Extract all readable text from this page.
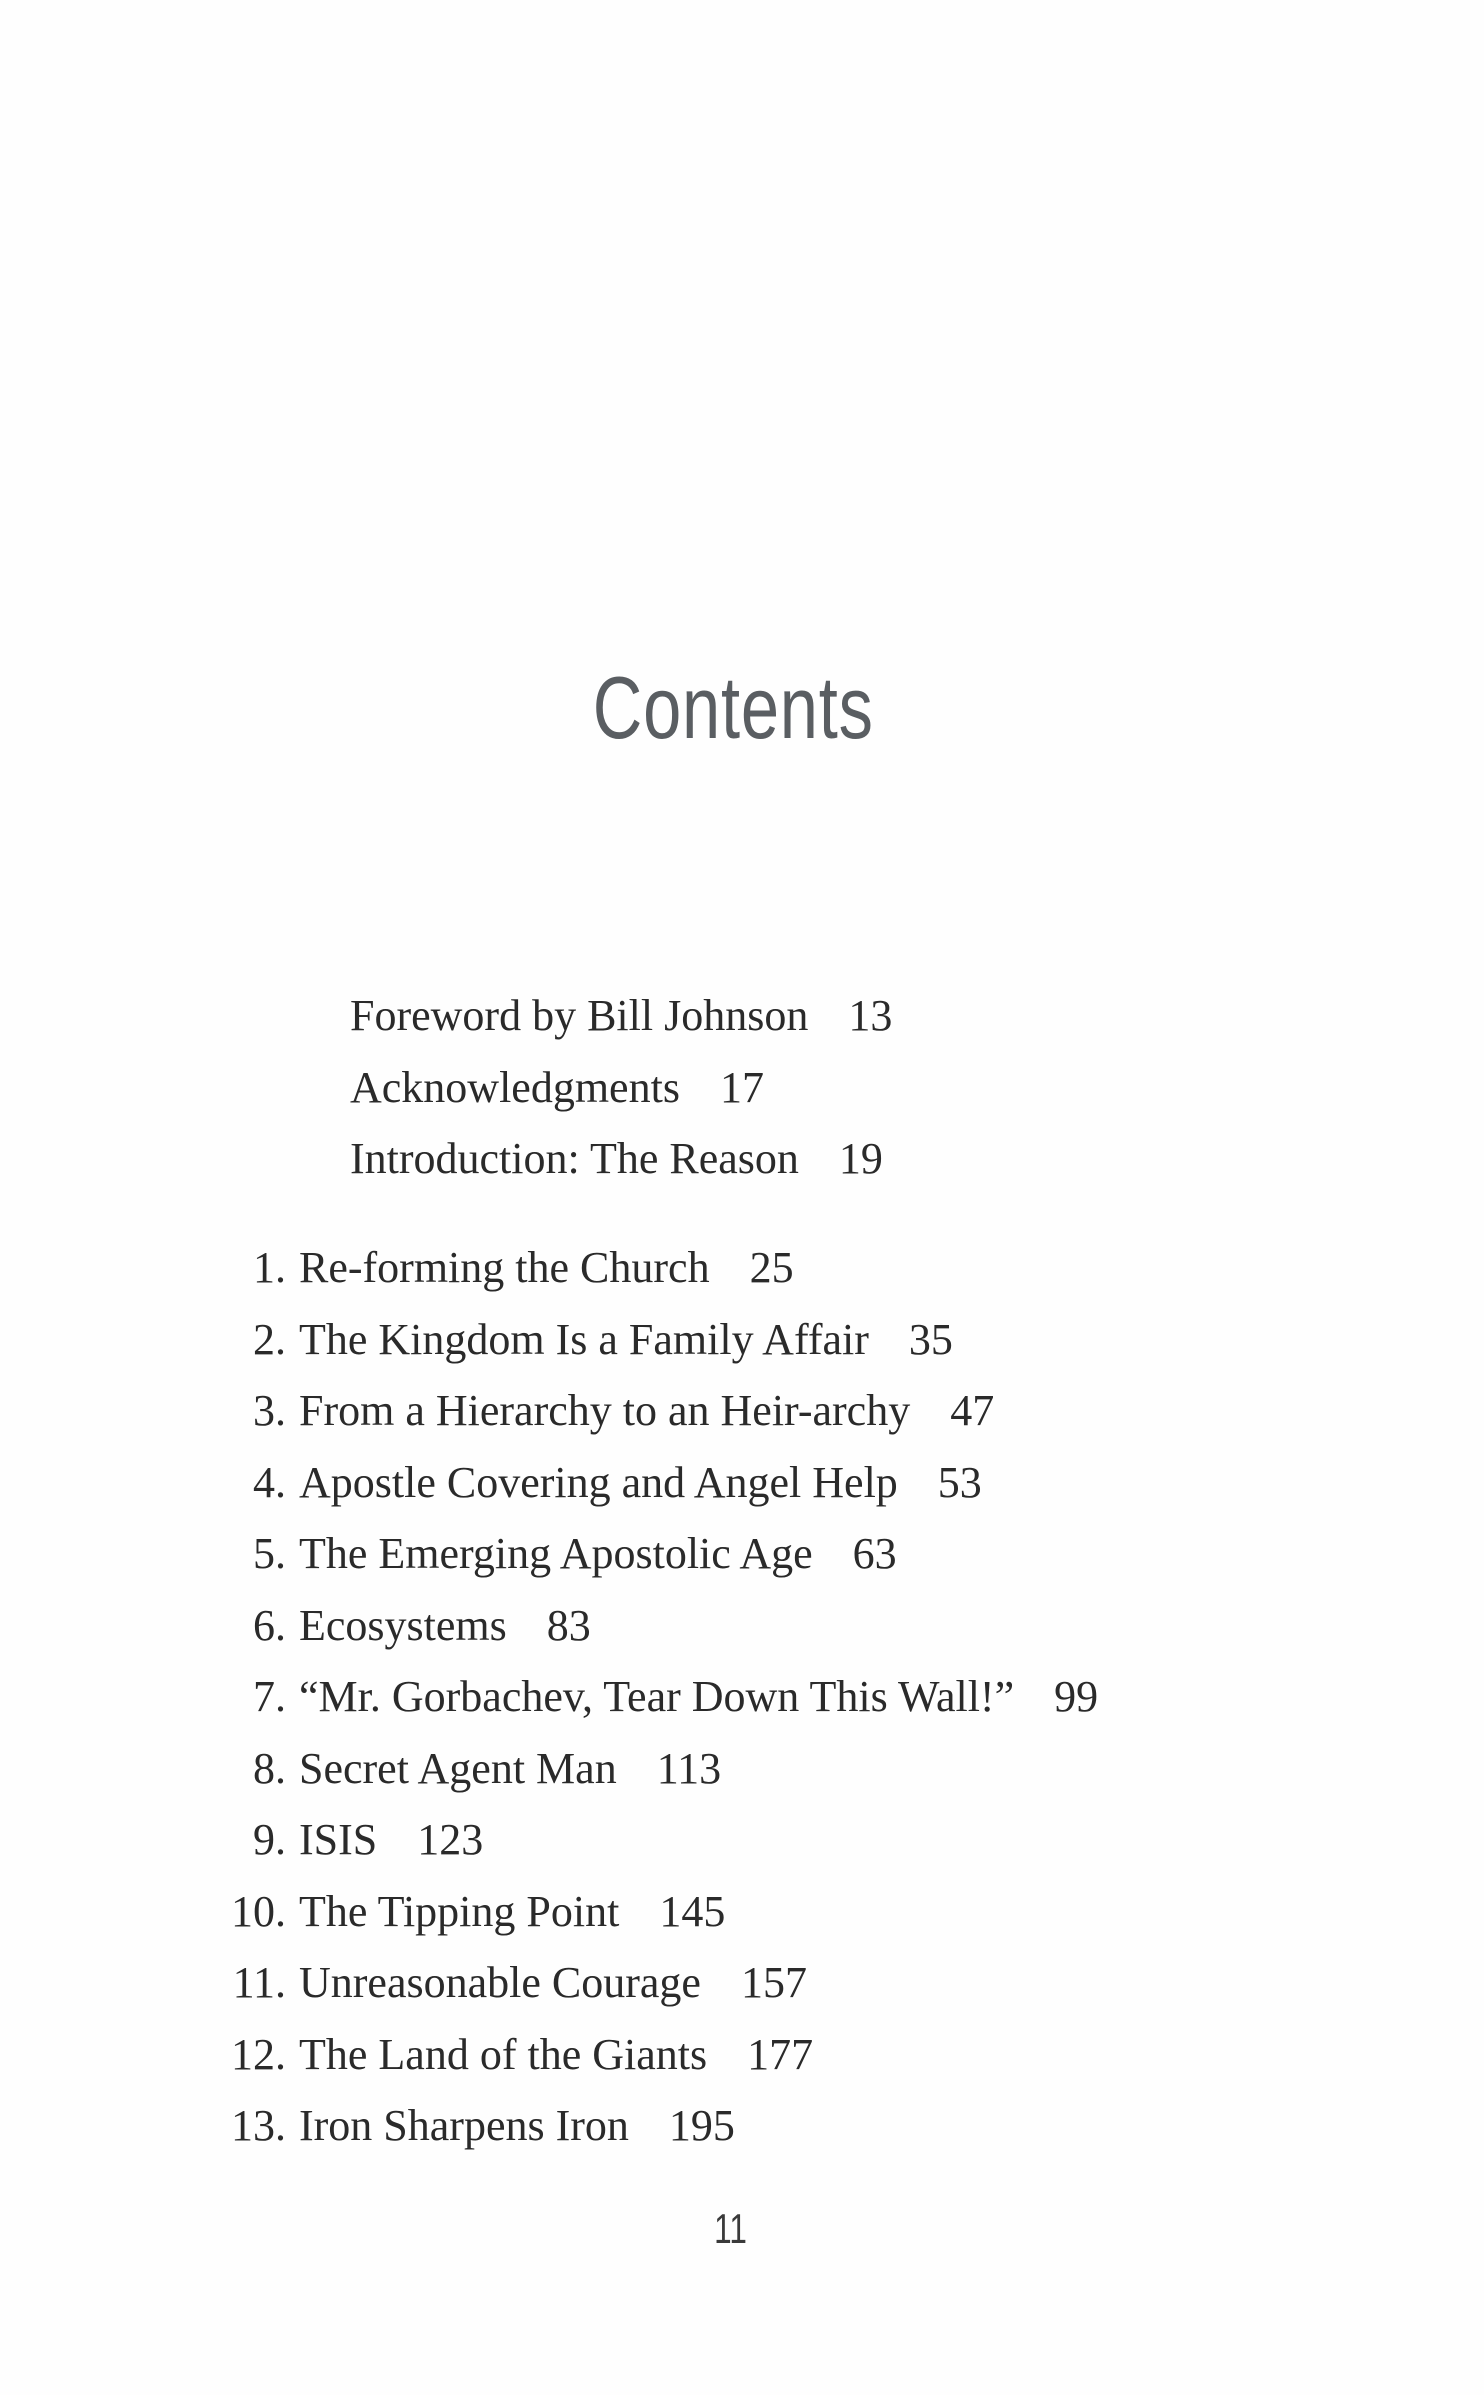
Contents
Foreword by Bill Johnson 13
Acknowledgments 17
Introduction: The Reason 19
1. Re-forming the Church 25
2. The Kingdom Is a Family Affair 35
3. From a Hierarchy to an Heir-archy 47
4. Apostle Covering and Angel Help 53
5. The Emerging Apostolic Age 63
6. Ecosystems 83
7. “Mr. Gorbachev, Tear Down This Wall!” 99
8. Secret Agent Man 113
9. ISIS 123
10. The Tipping Point 145
11. Unreasonable Courage 157
12. The Land of the Giants 177
13. Iron Sharpens Iron 195
11
